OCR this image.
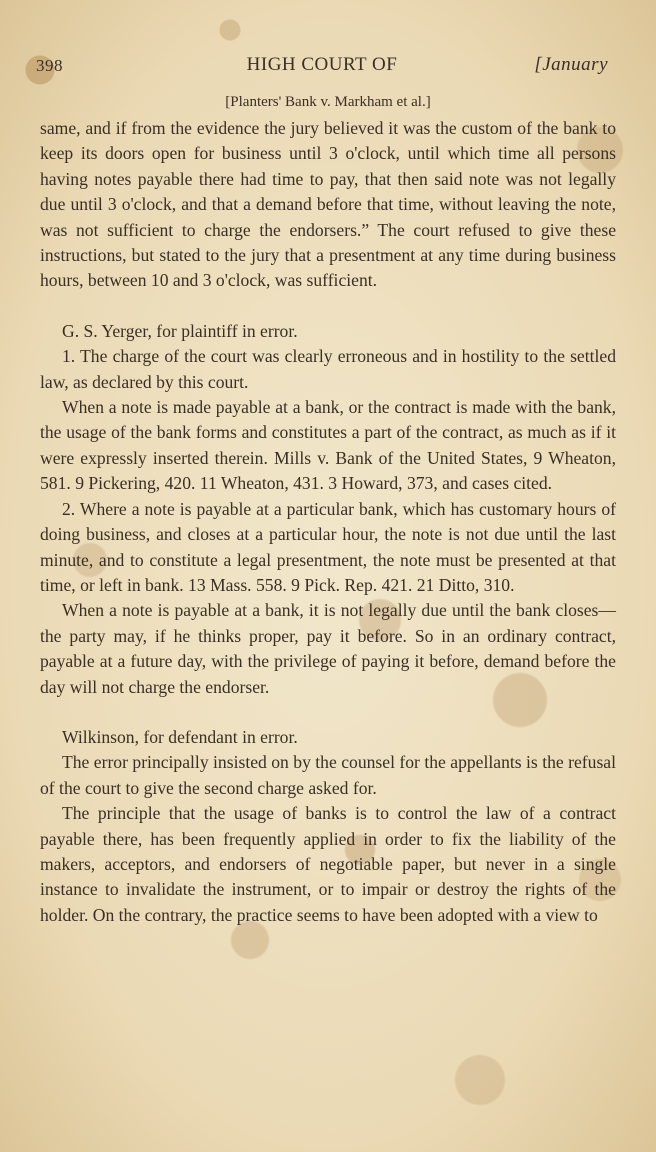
398	HIGH COURT OF	[January
[Planters' Bank v. Markham et al.]

same, and if from the evidence the jury believed it was the custom of the bank to keep its doors open for business until 3 o'clock, until which time all persons having notes payable there had time to pay, that then said note was not legally due until 3 o'clock, and that a demand before that time, without leaving the note, was not sufficient to charge the endorsers.” The court refused to give these instructions, but stated to the jury that a presentment at any time during business hours, between 10 and 3 o'clock, was sufficient.

G. S. Yerger, for plaintiff in error.

1. The charge of the court was clearly erroneous and in hostility to the settled law, as declared by this court.

When a note is made payable at a bank, or the contract is made with the bank, the usage of the bank forms and constitutes a part of the contract, as much as if it were expressly inserted therein. Mills v. Bank of the United States, 9 Wheaton, 581. 9 Pickering, 420. 11 Wheaton, 431. 3 Howard, 373, and cases cited.

2. Where a note is payable at a particular bank, which has customary hours of doing business, and closes at a particular hour, the note is not due until the last minute, and to constitute a legal presentment, the note must be presented at that time, or left in bank. 13 Mass. 558. 9 Pick. Rep. 421. 21 Ditto, 310.

When a note is payable at a bank, it is not legally due until the bank closes—the party may, if he thinks proper, pay it before. So in an ordinary contract, payable at a future day, with the privilege of paying it before, demand before the day will not charge the endorser.

Wilkinson, for defendant in error.

The error principally insisted on by the counsel for the appellants is the refusal of the court to give the second charge asked for.

The principle that the usage of banks is to control the law of a contract payable there, has been frequently applied in order to fix the liability of the makers, acceptors, and endorsers of negotiable paper, but never in a single instance to invalidate the instrument, or to impair or destroy the rights of the holder. On the contrary, the practice seems to have been adopted with a view to
